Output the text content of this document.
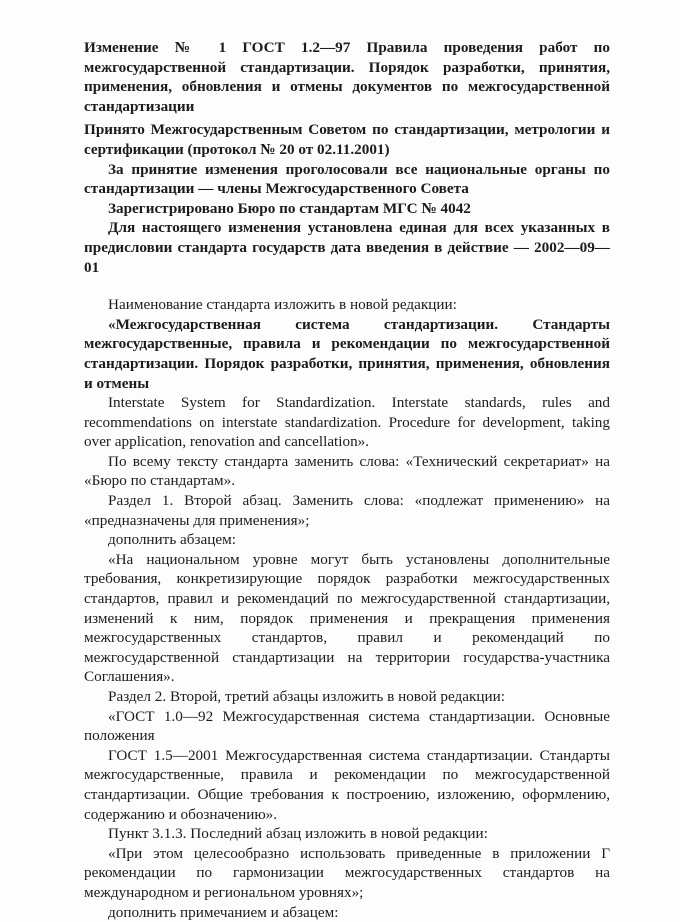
Изменение № 1 ГОСТ 1.2—97 Правила проведения работ по межгосударственной стандартизации. Порядок разработки, принятия, применения, обновления и отмены документов по межгосударственной стандартизации

Принято Межгосударственным Советом по стандартизации, метрологии и сертификации (протокол № 20 от 02.11.2001)

За принятие изменения проголосовали все национальные органы по стандартизации — члены Межгосударственного Совета

Зарегистрировано Бюро по стандартам МГС № 4042

Для настоящего изменения установлена единая для всех указанных в предисловии стандарта государств дата введения в действие — 2002—09—01

Наименование стандарта изложить в новой редакции:

«Межгосударственная система стандартизации. Стандарты межгосударственные, правила и рекомендации по межгосударственной стандартизации. Порядок разработки, принятия, применения, обновления и отмены

Interstate System for Standardization. Interstate standards, rules and recommendations on interstate standardization. Procedure for development, taking over application, renovation and cancellation».

По всему тексту стандарта заменить слова: «Технический секретариат» на «Бюро по стандартам».

Раздел 1. Второй абзац. Заменить слова: «подлежат применению» на «предназначены для применения»;

дополнить абзацем:

«На национальном уровне могут быть установлены дополнительные требования, конкретизирующие порядок разработки межгосударственных стандартов, правил и рекомендаций по межгосударственной стандартизации, изменений к ним, порядок применения и прекращения применения межгосударственных стандартов, правил и рекомендаций по межгосударственной стандартизации на территории государства-участника Соглашения».

Раздел 2. Второй, третий абзацы изложить в новой редакции:

«ГОСТ 1.0—92 Межгосударственная система стандартизации. Основные положения

ГОСТ 1.5—2001 Межгосударственная система стандартизации. Стандарты межгосударственные, правила и рекомендации по межгосударственной стандартизации. Общие требования к построению, изложению, оформлению, содержанию и обозначению».

Пункт 3.1.3. Последний абзац изложить в новой редакции:

«При этом целесообразно использовать приведенные в приложении Г рекомендации по гармонизации межгосударственных стандартов на международном и региональном уровнях»;

дополнить примечанием и абзацем:
